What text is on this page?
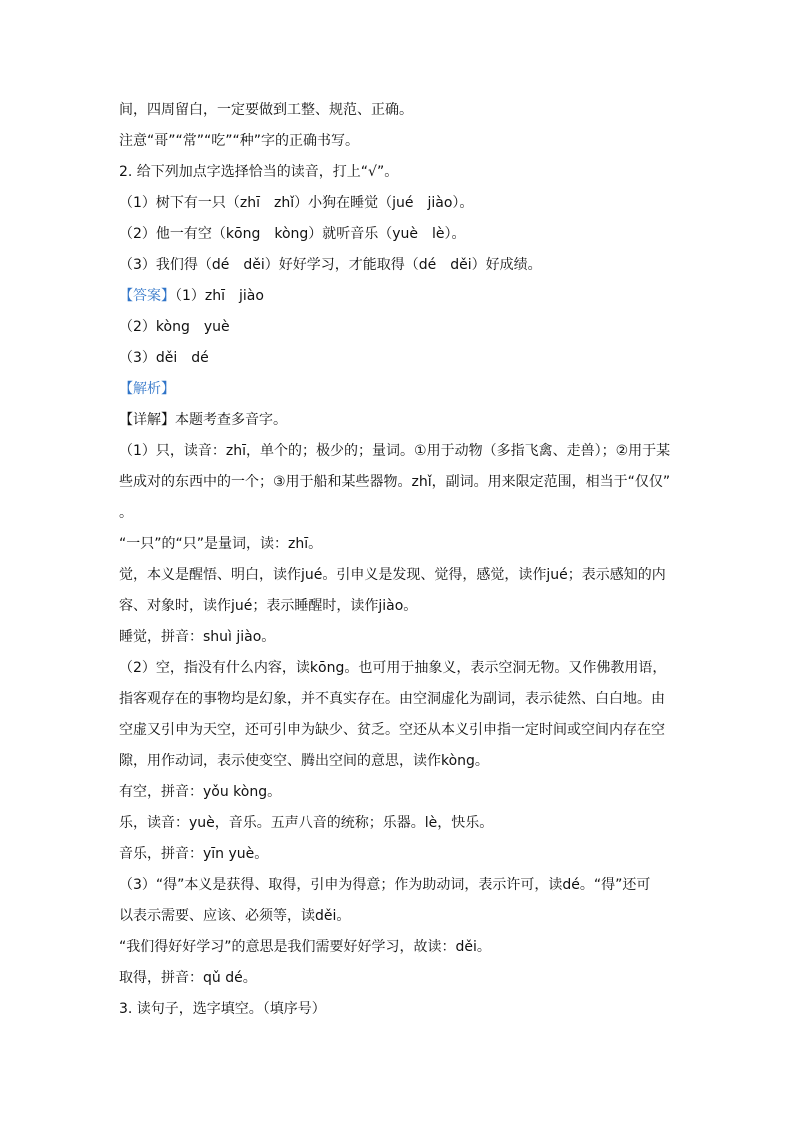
间，四周留白，一定要做到工整、规范、正确。
注意“哥”“常”“吃”“种”字的正确书写。
2. 给下列加点字选择恰当的读音，打上“√”。
（1）树下有一只（zhī　zhǐ）小狗在睡觉（jué　jiào）。
（2）他一有空（kōng　kòng）就听音乐（yuè　lè）。
（3）我们得（dé　děi）好好学习，才能取得（dé　děi）好成绩。
【答案】（1）zhī　jiào
（2）kòng　yuè
（3）děi　dé
【解析】
【详解】本题考查多音字。
（1）只，读音：zhī，单个的；极少的；量词。①用于动物（多指飞禽、走兽）；②用于某
些成对的东西中的一个；③用于船和某些器物。zhǐ，副词。用来限定范围，相当于“仅仅”
。
“一只”的“只”是量词，读：zhī。
觉，本义是醒悟、明白，读作jué。引申义是发现、觉得，感觉，读作jué；表示感知的内
容、对象时，读作jué；表示睡醒时，读作jiào。
睡觉，拼音：shuì jiào。
（2）空，指没有什么内容，读kōng。也可用于抽象义，表示空洞无物。又作佛教用语，
指客观存在的事物均是幻象，并不真实存在。由空洞虚化为副词，表示徒然、白白地。由
空虚又引申为天空，还可引申为缺少、贫乏。空还从本义引申指一定时间或空间内存在空
隙，用作动词，表示使变空、腾出空间的意思，读作kòng。
有空，拼音：yǒu kòng。
乐，读音：yuè，音乐。五声八音的统称；乐器。lè，快乐。
音乐，拼音：yīn yuè。
（3）“得”本义是获得、取得，引申为得意；作为助动词，表示许可，读dé。“得”还可
以表示需要、应该、必须等，读děi。
“我们得好好学习”的意思是我们需要好好学习，故读：děi。
取得，拼音：qǔ dé。
3. 读句子，选字填空。（填序号）
